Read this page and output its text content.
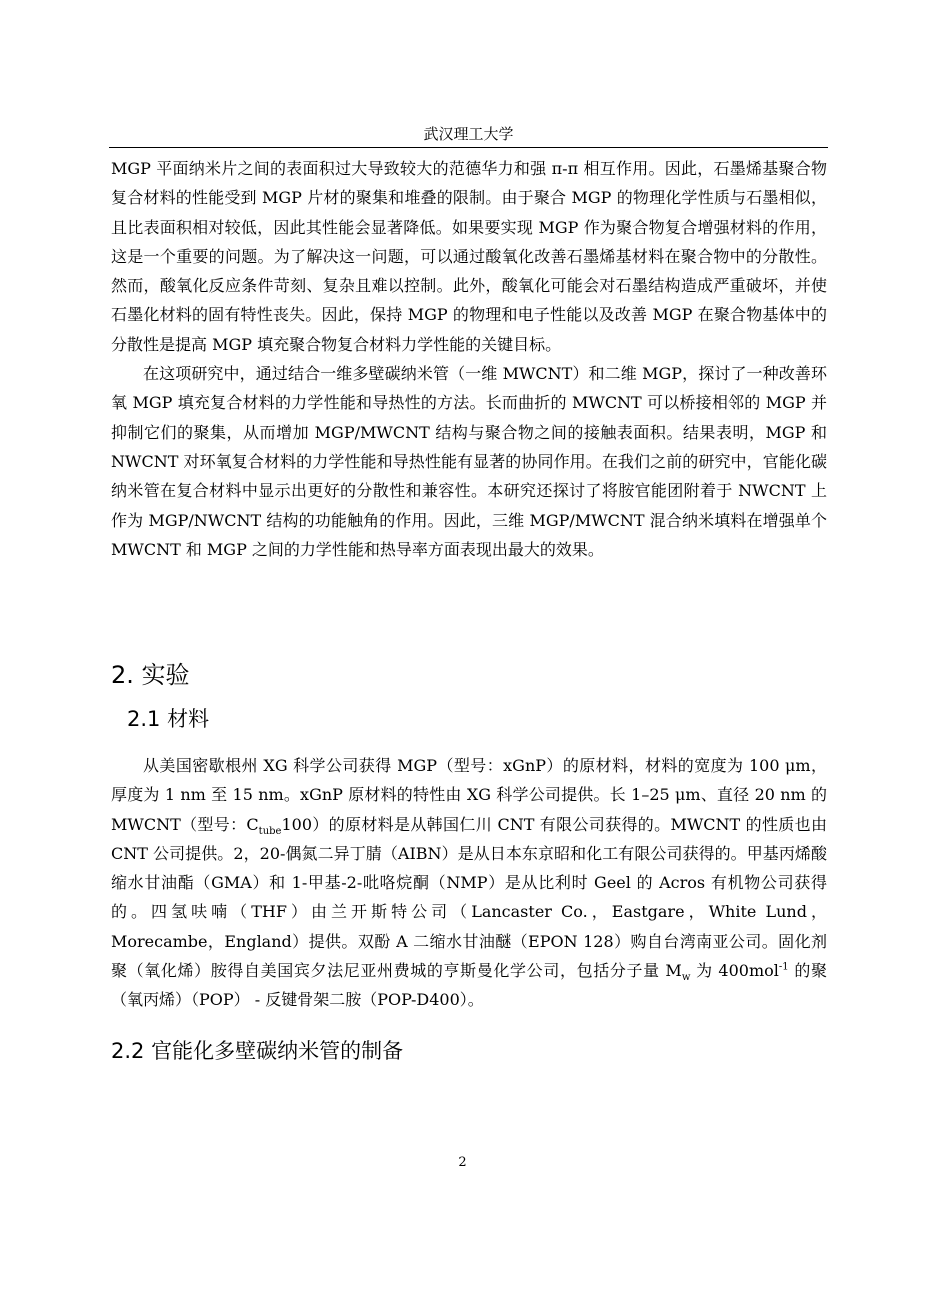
武汉理工大学

MGP 平面纳米片之间的表面积过大导致较大的范德华力和强 π-π 相互作用。因此，石墨烯基聚合物复合材料的性能受到 MGP 片材的聚集和堆叠的限制。由于聚合 MGP 的物理化学性质与石墨相似，且比表面积相对较低，因此其性能会显著降低。如果要实现 MGP 作为聚合物复合增强材料的作用，这是一个重要的问题。为了解决这一问题，可以通过酸氧化改善石墨烯基材料在聚合物中的分散性。然而，酸氧化反应条件苛刻、复杂且难以控制。此外，酸氧化可能会对石墨结构造成严重破坏，并使石墨化材料的固有特性丧失。因此，保持 MGP 的物理和电子性能以及改善 MGP 在聚合物基体中的分散性是提高 MGP 填充聚合物复合材料力学性能的关键目标。

在这项研究中，通过结合一维多壁碳纳米管（一维 MWCNT）和二维 MGP，探讨了一种改善环氧 MGP 填充复合材料的力学性能和导热性的方法。长而曲折的 MWCNT 可以桥接相邻的 MGP 并抑制它们的聚集，从而增加 MGP/MWCNT 结构与聚合物之间的接触表面积。结果表明，MGP 和 NWCNT 对环氧复合材料的力学性能和导热性能有显著的协同作用。在我们之前的研究中，官能化碳纳米管在复合材料中显示出更好的分散性和兼容性。本研究还探讨了将胺官能团附着于 NWCNT 上作为 MGP/NWCNT 结构的功能触角的作用。因此，三维 MGP/MWCNT 混合纳米填料在增强单个 MWCNT 和 MGP 之间的力学性能和热导率方面表现出最大的效果。

2. 实验
2.1 材料

从美国密歇根州 XG 科学公司获得 MGP（型号：xGnP）的原材料，材料的宽度为 100 μm，厚度为 1 nm 至 15 nm。xGnP 原材料的特性由 XG 科学公司提供。长 1–25 μm、直径 20 nm 的 MWCNT（型号：$C_{tube}100$）的原材料是从韩国仁川 CNT 有限公司获得的。MWCNT 的性质也由 CNT 公司提供。2，20-偶氮二异丁腈（AIBN）是从日本东京昭和化工有限公司获得的。甲基丙烯酸缩水甘油酯（GMA）和 1-甲基-2-吡咯烷酮（NMP）是从比利时 Geel 的 Acros 有机物公司获得的。四氢呋喃（THF）由兰开斯特公司（Lancaster Co.，Eastgare，White Lund，Morecambe，England）提供。双酚 A 二缩水甘油醚（EPON 128）购自台湾南亚公司。固化剂聚（氧化烯）胺得自美国宾夕法尼亚州费城的亨斯曼化学公司，包括分子量 $M_w$ 为 400mol$^{-1}$ 的聚（氧丙烯）（POP） - 反键骨架二胺（POP-D400）。

2.2 官能化多壁碳纳米管的制备
2
